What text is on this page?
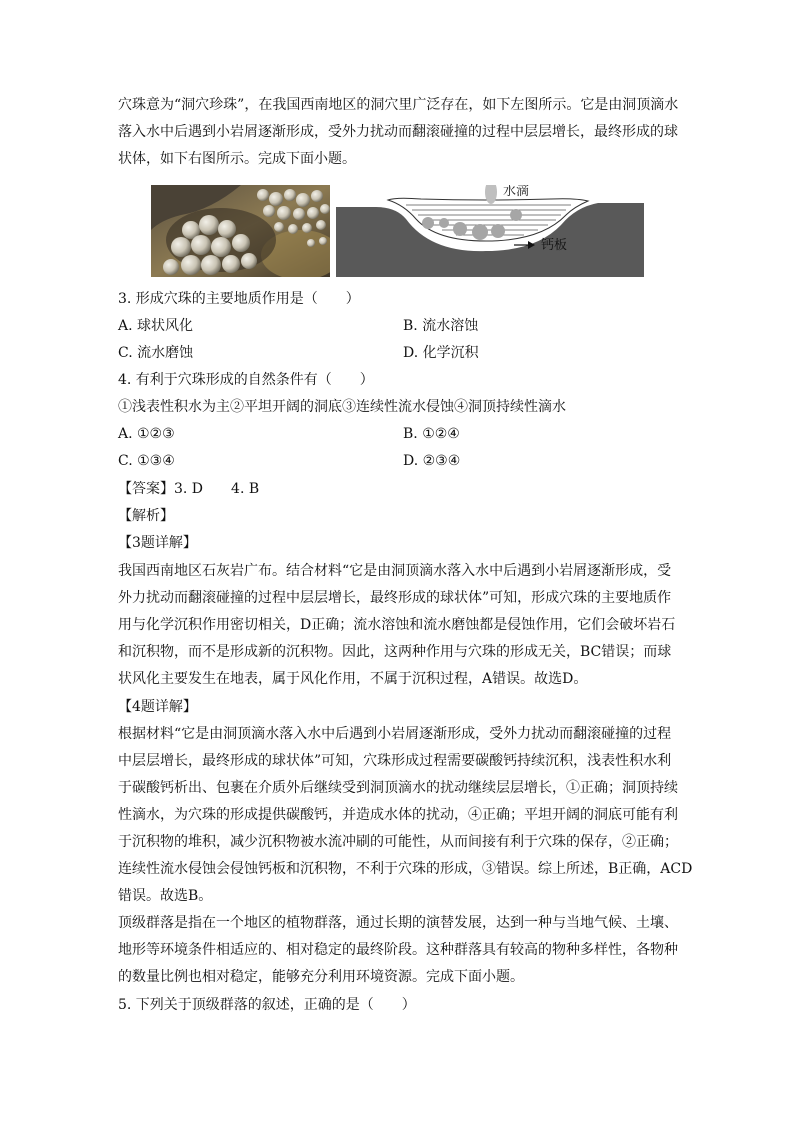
穴珠意为“洞穴珍珠”，在我国西南地区的洞穴里广泛存在，如下左图所示。它是由洞顶滴水

落入水中后遇到小岩屑逐渐形成，受外力扰动而翻滚碰撞的过程中层层增长，最终形成的球

状体，如下右图所示。完成下面小题。

水滴
钙板

3. 形成穴珠的主要地质作用是（　　）

A. 球状风化	B. 流水溶蚀

C. 流水磨蚀	D. 化学沉积

4. 有利于穴珠形成的自然条件有（　　）

①浅表性积水为主②平坦开阔的洞底③连续性流水侵蚀④洞顶持续性滴水

A. ①②③	B. ①②④

C. ①③④	D. ②③④

【答案】3. D　　4. B

【解析】

【3题详解】

我国西南地区石灰岩广布。结合材料“它是由洞顶滴水落入水中后遇到小岩屑逐渐形成，受

外力扰动而翻滚碰撞的过程中层层增长，最终形成的球状体”可知，形成穴珠的主要地质作

用与化学沉积作用密切相关，D正确；流水溶蚀和流水磨蚀都是侵蚀作用，它们会破坏岩石

和沉积物，而不是形成新的沉积物。因此，这两种作用与穴珠的形成无关，BC错误；而球

状风化主要发生在地表，属于风化作用，不属于沉积过程，A错误。故选D。

【4题详解】

根据材料“它是由洞顶滴水落入水中后遇到小岩屑逐渐形成，受外力扰动而翻滚碰撞的过程

中层层增长，最终形成的球状体”可知，穴珠形成过程需要碳酸钙持续沉积，浅表性积水利

于碳酸钙析出、包裹在介质外后继续受到洞顶滴水的扰动继续层层增长，①正确；洞顶持续

性滴水，为穴珠的形成提供碳酸钙，并造成水体的扰动，④正确；平坦开阔的洞底可能有利

于沉积物的堆积，减少沉积物被水流冲刷的可能性，从而间接有利于穴珠的保存，②正确；

连续性流水侵蚀会侵蚀钙板和沉积物，不利于穴珠的形成，③错误。综上所述，B正确，ACD

错误。故选B。

顶级群落是指在一个地区的植物群落，通过长期的演替发展，达到一种与当地气候、土壤、

地形等环境条件相适应的、相对稳定的最终阶段。这种群落具有较高的物种多样性，各物种

的数量比例也相对稳定，能够充分利用环境资源。完成下面小题。

5. 下列关于顶级群落的叙述，正确的是（　　）
